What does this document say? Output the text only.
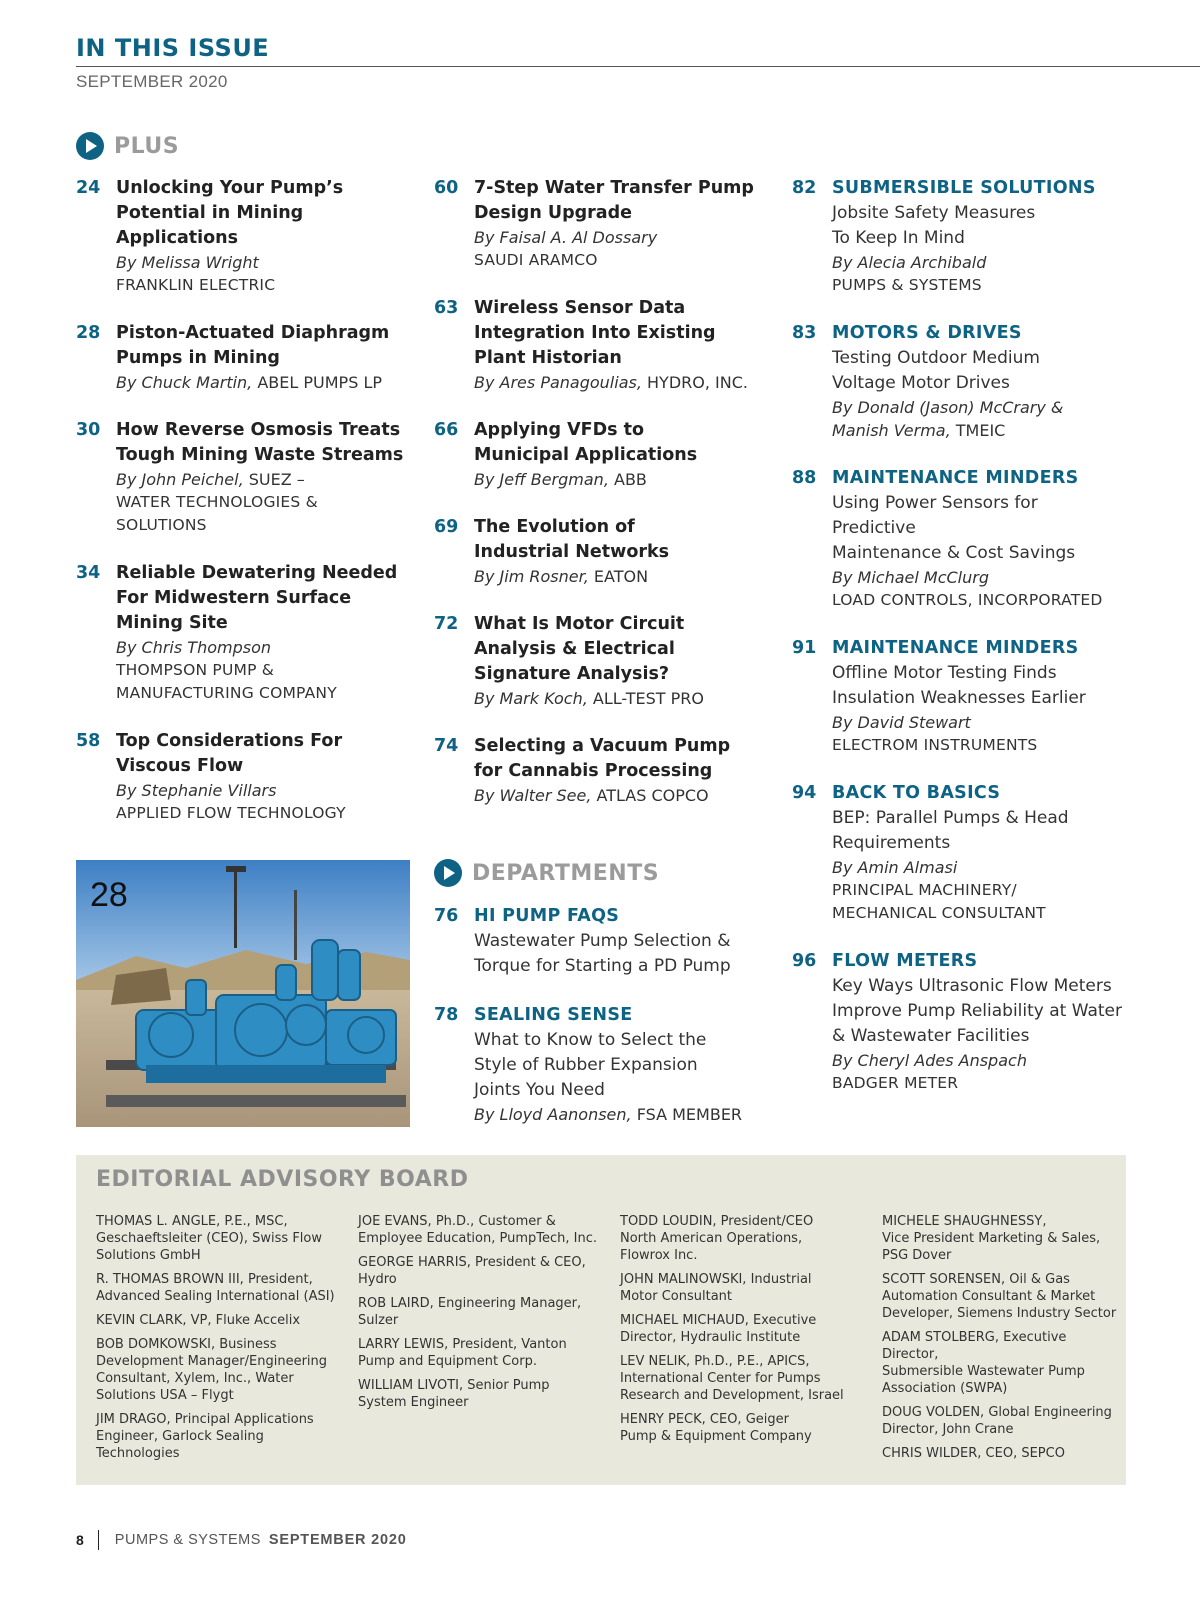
IN THIS ISSUE
SEPTEMBER 2020
PLUS
24 Unlocking Your Pump’s
Potential in Mining
Applications
By Melissa Wright
FRANKLIN ELECTRIC
28 Piston-Actuated Diaphragm
Pumps in Mining
By Chuck Martin, ABEL PUMPS LP
30 How Reverse Osmosis Treats
Tough Mining Waste Streams
By John Peichel, SUEZ –
WATER TECHNOLOGIES &
SOLUTIONS
34 Reliable Dewatering Needed
For Midwestern Surface
Mining Site
By Chris Thompson
THOMPSON PUMP &
MANUFACTURING COMPANY
58 Top Considerations For
Viscous Flow
By Stephanie Villars
APPLIED FLOW TECHNOLOGY
28
60 7-Step Water Transfer Pump
Design Upgrade
By Faisal A. Al Dossary
SAUDI ARAMCO
63 Wireless Sensor Data
Integration Into Existing
Plant Historian
By Ares Panagoulias, HYDRO, INC.
66 Applying VFDs to
Municipal Applications
By Jeff Bergman, ABB
69 The Evolution of
Industrial Networks
By Jim Rosner, EATON
72 What Is Motor Circuit
Analysis & Electrical
Signature Analysis?
By Mark Koch, ALL-TEST PRO
74 Selecting a Vacuum Pump
for Cannabis Processing
By Walter See, ATLAS COPCO
DEPARTMENTS
76 HI PUMP FAQS
Wastewater Pump Selection &
Torque for Starting a PD Pump
78 SEALING SENSE
What to Know to Select the
Style of Rubber Expansion
Joints You Need
By Lloyd Aanonsen, FSA MEMBER
82 SUBMERSIBLE SOLUTIONS
Jobsite Safety Measures
To Keep In Mind
By Alecia Archibald
PUMPS & SYSTEMS
83 MOTORS & DRIVES
Testing Outdoor Medium
Voltage Motor Drives
By Donald (Jason) McCrary &
Manish Verma, TMEIC
88 MAINTENANCE MINDERS
Using Power Sensors for Predictive
Maintenance & Cost Savings
By Michael McClurg
LOAD CONTROLS, INCORPORATED
91 MAINTENANCE MINDERS
Offline Motor Testing Finds
Insulation Weaknesses Earlier
By David Stewart
ELECTROM INSTRUMENTS
94 BACK TO BASICS
BEP: Parallel Pumps & Head
Requirements
By Amin Almasi
PRINCIPAL MACHINERY/
MECHANICAL CONSULTANT
96 FLOW METERS
Key Ways Ultrasonic Flow Meters
Improve Pump Reliability at Water
& Wastewater Facilities
By Cheryl Ades Anspach
BADGER METER
EDITORIAL ADVISORY BOARD
THOMAS L. ANGLE, P.E., MSC,
Geschaeftsleiter (CEO), Swiss Flow
Solutions GmbH
R. THOMAS BROWN III, President,
Advanced Sealing International (ASI)
KEVIN CLARK, VP, Fluke Accelix
BOB DOMKOWSKI, Business
Development Manager/Engineering
Consultant, Xylem, Inc., Water
Solutions USA – Flygt
JIM DRAGO, Principal Applications
Engineer, Garlock Sealing
Technologies
JOE EVANS, Ph.D., Customer &
Employee Education, PumpTech, Inc.
GEORGE HARRIS, President & CEO,
Hydro
ROB LAIRD, Engineering Manager,
Sulzer
LARRY LEWIS, President, Vanton
Pump and Equipment Corp.
WILLIAM LIVOTI, Senior Pump
System Engineer
TODD LOUDIN, President/CEO
North American Operations,
Flowrox Inc.
JOHN MALINOWSKI, Industrial
Motor Consultant
MICHAEL MICHAUD, Executive
Director, Hydraulic Institute
LEV NELIK, Ph.D., P.E., APICS,
International Center for Pumps
Research and Development, Israel
HENRY PECK, CEO, Geiger
Pump & Equipment Company
MICHELE SHAUGHNESSY,
Vice President Marketing & Sales,
PSG Dover
SCOTT SORENSEN, Oil & Gas
Automation Consultant & Market
Developer, Siemens Industry Sector
ADAM STOLBERG, Executive Director,
Submersible Wastewater Pump
Association (SWPA)
DOUG VOLDEN, Global Engineering
Director, John Crane
CHRIS WILDER, CEO, SEPCO
8 PUMPS & SYSTEMS SEPTEMBER 2020
